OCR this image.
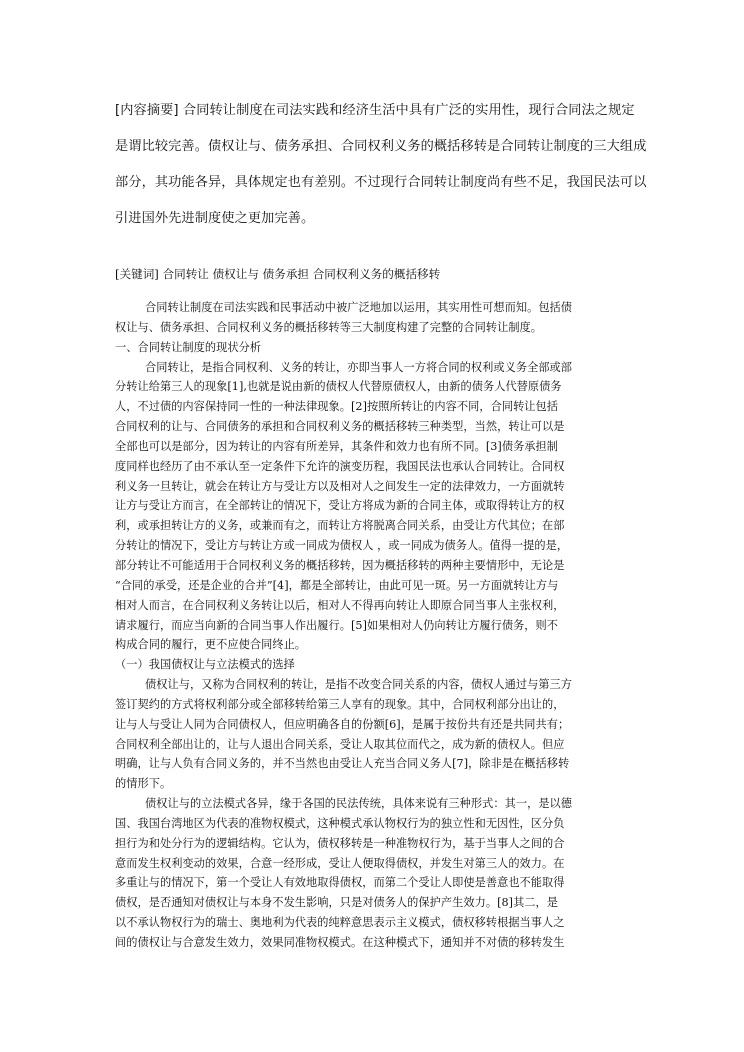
[内容摘要] 合同转让制度在司法实践和经济生活中具有广泛的实用性，现行合同法之规定

是谓比较完善。债权让与、债务承担、合同权利义务的概括移转是合同转让制度的三大组成

部分，其功能各异，具体规定也有差别。不过现行合同转让制度尚有些不足，我国民法可以

引进国外先进制度使之更加完善。

[关键词] 合同转让 债权让与 债务承担 合同权利义务的概括移转

合同转让制度在司法实践和民事活动中被广泛地加以运用，其实用性可想而知。包括债

权让与、债务承担、合同权利义务的概括移转等三大制度构建了完整的合同转让制度。

一、合同转让制度的现状分析

合同转让，是指合同权利、义务的转让，亦即当事人一方将合同的权利或义务全部或部

分转让给第三人的现象[1],也就是说由新的债权人代替原债权人，由新的债务人代替原债务

人，不过债的内容保持同一性的一种法律现象。[2]按照所转让的内容不同，合同转让包括

合同权利的让与、合同债务的承担和合同权利义务的概括移转三种类型，当然，转让可以是

全部也可以是部分，因为转让的内容有所差异，其条件和效力也有所不同。[3]债务承担制

度同样也经历了由不承认至一定条件下允许的演变历程，我国民法也承认合同转让。合同权

利义务一旦转让，就会在转让方与受让方以及相对人之间发生一定的法律效力，一方面就转

让方与受让方而言，在全部转让的情况下，受让方将成为新的合同主体，或取得转让方的权

利，或承担转让方的义务，或兼而有之，而转让方将脱离合同关系，由受让方代其位；在部

分转让的情况下，受让方与转让方或一同成为债权人 ，或一同成为债务人。值得一提的是，

部分转让不可能适用于合同权利义务的概括移转，因为概括移转的两种主要情形中，无论是

“合同的承受，还是企业的合并”[4]，都是全部转让，由此可见一斑。另一方面就转让方与

相对人而言，在合同权利义务转让以后，相对人不得再向转让人即原合同当事人主张权利，

请求履行，而应当向新的合同当事人作出履行。[5]如果相对人仍向转让方履行债务，则不

构成合同的履行，更不应使合同终止。

（一）我国债权让与立法模式的选择

债权让与，又称为合同权利的转让，是指不改变合同关系的内容，债权人通过与第三方

签订契约的方式将权利部分或全部移转给第三人享有的现象。其中，合同权利部分出让的，

让与人与受让人同为合同债权人，但应明确各自的份额[6]，是属于按份共有还是共同共有；

合同权利全部出让的，让与人退出合同关系，受让人取其位而代之，成为新的债权人。但应

明确，让与人负有合同义务的，并不当然也由受让人充当合同义务人[7]，除非是在概括移转

的情形下。

债权让与的立法模式各异，缘于各国的民法传统，具体来说有三种形式：其一，是以德

国、我国台湾地区为代表的准物权模式，这种模式承认物权行为的独立性和无因性，区分负

担行为和处分行为的逻辑结构。它认为，债权移转是一种准物权行为，基于当事人之间的合

意而发生权利变动的效果，合意一经形成，受让人便取得债权，并发生对第三人的效力。在

多重让与的情况下，第一个受让人有效地取得债权，而第二个受让人即使是善意也不能取得

债权，是否通知对债权让与本身不发生影响，只是对债务人的保护产生效力。[8]其二，是

以不承认物权行为的瑞士、奥地利为代表的纯粹意思表示主义模式，债权移转根据当事人之

间的债权让与合意发生效力，效果同准物权模式。在这种模式下，通知并不对债的移转发生
